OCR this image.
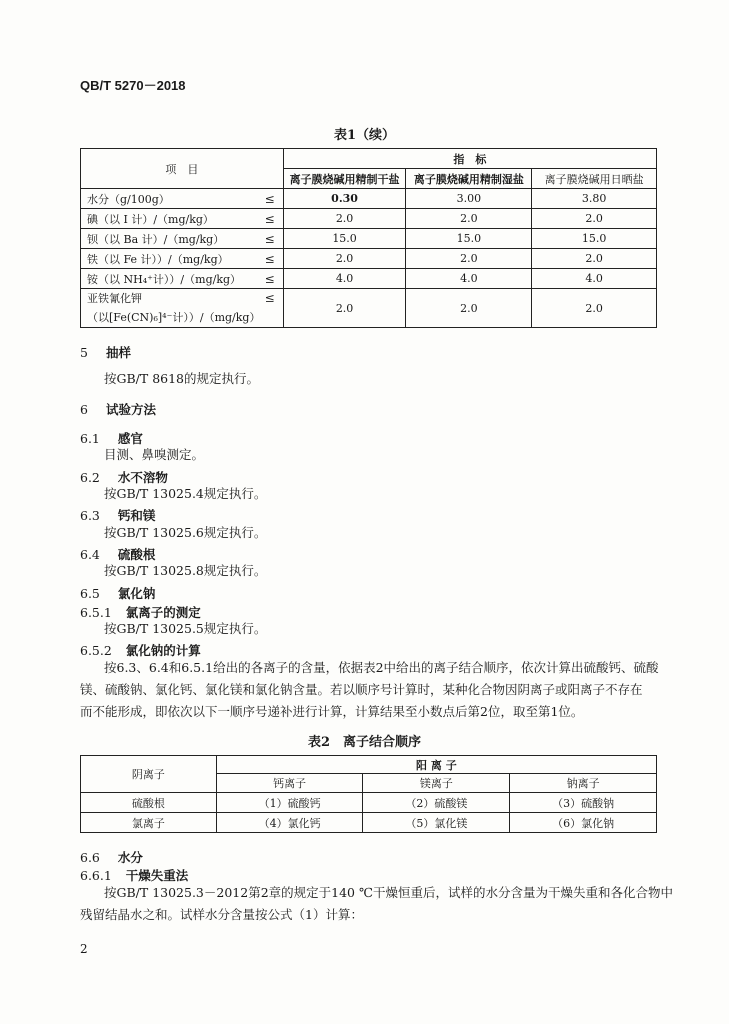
QB/T 5270－2018
表1（续）
项　目	指　标		
	离子膜烧碱用精制干盐	离子膜烧碱用精制湿盐	离子膜烧碱用日晒盐
水分（g/100g） ≤	0.30	3.00	3.80
碘（以 I 计）/（mg/kg） ≤	2.0	2.0	2.0
钡（以 Ba 计）/（mg/kg） ≤	15.0	15.0	15.0
铁（以 Fe 计））/（mg/kg） ≤	2.0	2.0	2.0
铵（以 NH₄⁺计））/（mg/kg） ≤	4.0	4.0	4.0

亚铁氰化钾
（以[Fe(CN)₆]⁴⁻计））/（mg/kg）
≤	2.0	2.0	2.0
5 抽样
按GB/T 8618的规定执行。
6 试验方法
6.1 感官
目测、鼻嗅测定。
6.2 水不溶物
按GB/T 13025.4规定执行。
6.3 钙和镁
按GB/T 13025.6规定执行。
6.4 硫酸根
按GB/T 13025.8规定执行。
6.5 氯化钠
6.5.1 氯离子的测定
按GB/T 13025.5规定执行。
6.5.2 氯化钠的计算
按6.3、6.4和6.5.1给出的各离子的含量，依据表2中给出的离子结合顺序，依次计算出硫酸钙、硫酸
镁、硫酸钠、氯化钙、氯化镁和氯化钠含量。若以顺序号计算时，某种化合物因阴离子或阳离子不存在
而不能形成，即依次以下一顺序号递补进行计算，计算结果至小数点后第2位，取至第1位。
表2　离子结合顺序
阴离子	阳 离 子		
	钙离子	镁离子	钠离子
硫酸根	（1）硫酸钙	（2）硫酸镁	（3）硫酸钠
氯离子	（4）氯化钙	（5）氯化镁	（6）氯化钠
6.6 水分
6.6.1 干燥失重法
按GB/T 13025.3－2012第2章的规定于140 ℃干燥恒重后，试样的水分含量为干燥失重和各化合物中
残留结晶水之和。试样水分含量按公式（1）计算：
2
